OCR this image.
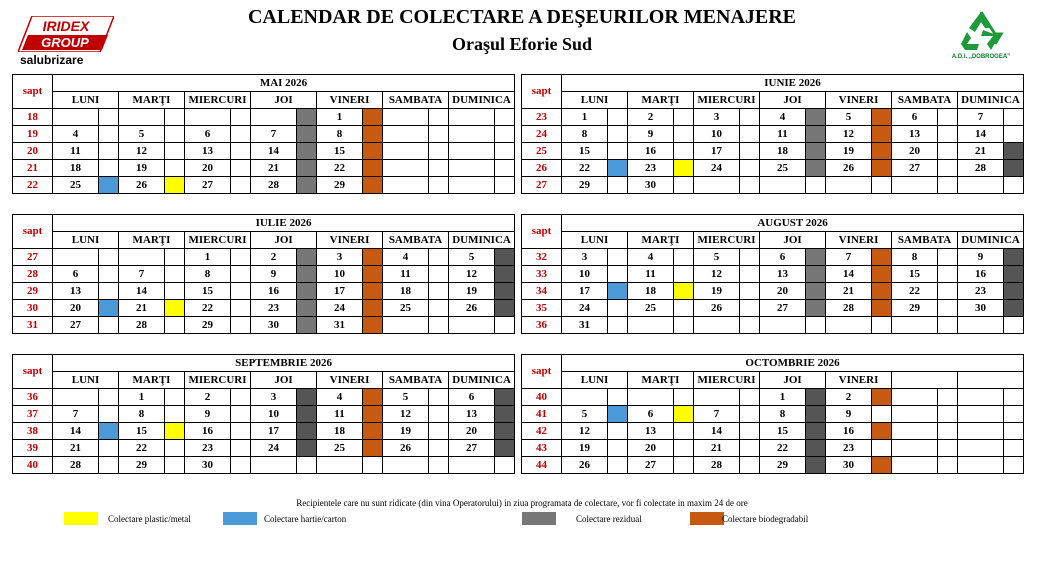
IRIDEX
GROUP
salubrizare
CALENDAR DE COLECTARE A DEŞEURILOR MENAJERE
Oraşul Eforie Sud
A.D.I. „DOBROGEA”
sapt	MAI 2026													
	LUNI		MARŢI		MIERCURI		JOI		VINERI		SAMBATA		DUMINICA	
18									1					
19	4		5		6		7		8					
20	11		12		13		14		15					
21	18		19		20		21		22					
22	25		26		27		28		29					
sapt	IUNIE 2026													
	LUNI		MARŢI		MIERCURI		JOI		VINERI		SAMBATA		DUMINICA	
23	1		2		3		4		5		6		7	
24	8		9		10		11		12		13		14	
25	15		16		17		18		19		20		21	
26	22		23		24		25		26		27		28	
27	29		30											
sapt	IULIE 2026													
	LUNI		MARŢI		MIERCURI		JOI		VINERI		SAMBATA		DUMINICA	
27					1		2		3		4		5	
28	6		7		8		9		10		11		12	
29	13		14		15		16		17		18		19	
30	20		21		22		23		24		25		26	
31	27		28		29		30		31					
sapt	AUGUST 2026													
	LUNI		MARŢI		MIERCURI		JOI		VINERI		SAMBATA		DUMINICA	
32	3		4		5		6		7		8		9	
33	10		11		12		13		14		15		16	
34	17		18		19		20		21		22		23	
35	24		25		26		27		28		29		30	
36	31													
sapt	SEPTEMBRIE 2026													
	LUNI		MARŢI		MIERCURI		JOI		VINERI		SAMBATA		DUMINICA	
36			1		2		3		4		5		6	
37	7		8		9		10		11		12		13	
38	14		15		16		17		18		19		20	
39	21		22		23		24		25		26		27	
40	28		29		30									
sapt	OCTOMBRIE 2026													
	LUNI		MARŢI		MIERCURI		JOI		VINERI					
40							1		2					
41	5		6		7		8		9					
42	12		13		14		15		16					
43	19		20		21		22		23					
44	26		27		28		29		30					
Recipientele care nu sunt ridicate (din vina Operatorului) in ziua programata de colectare, vor fi colectate in maxim 24 de ore
Colectare plastic/metal	Colectare hartie/carton	Colectare rezidual	Colectare biodegradabil
